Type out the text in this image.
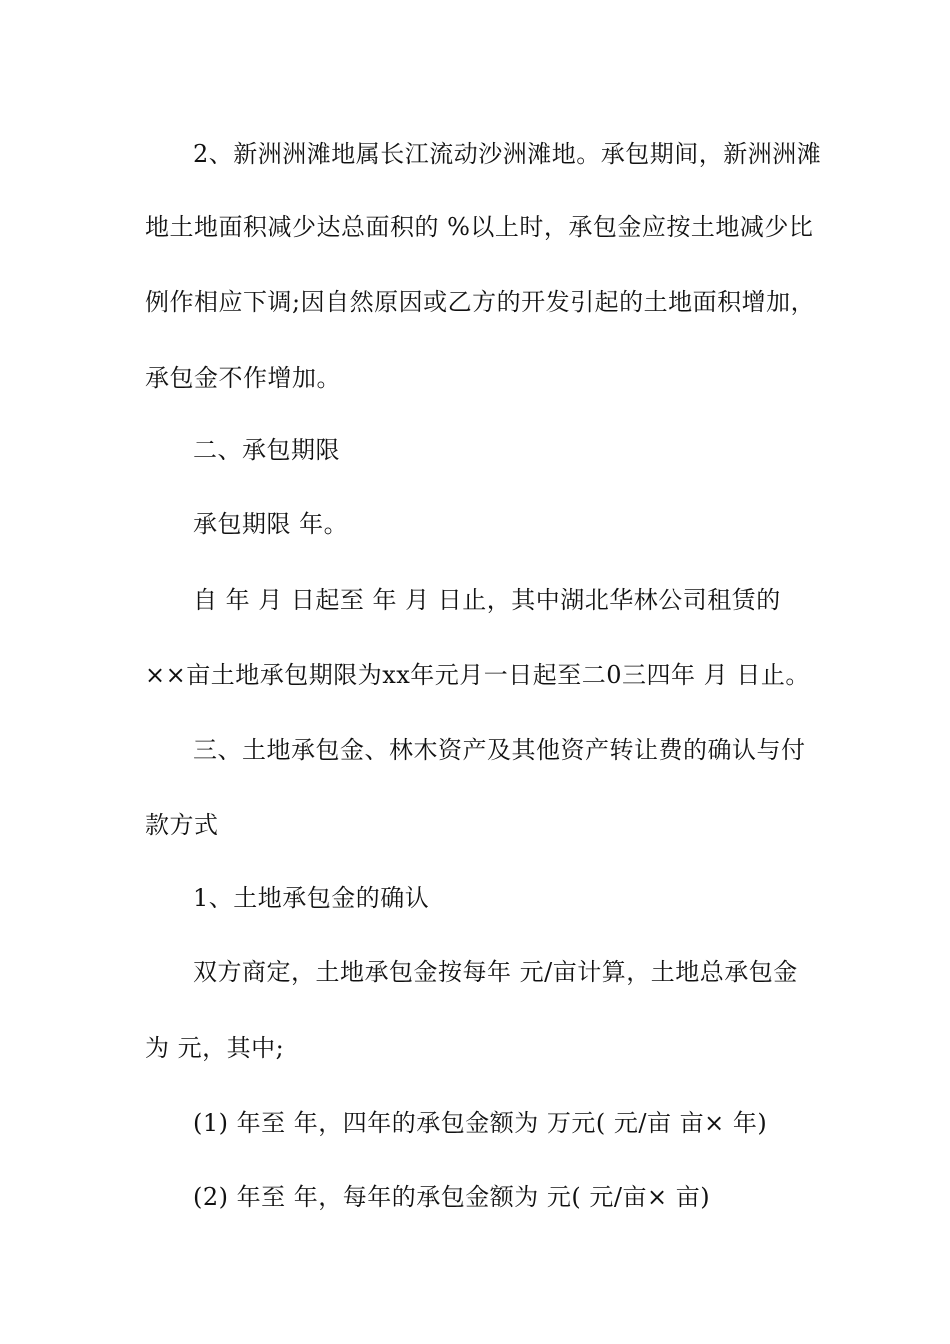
2、新洲洲滩地属长江流动沙洲滩地。承包期间，新洲洲滩
地土地面积减少达总面积的 %以上时，承包金应按土地减少比
例作相应下调;因自然原因或乙方的开发引起的土地面积增加，
承包金不作增加。
二、承包期限
承包期限 年。
自 年 月 日起至 年 月 日止，其中湖北华林公司租赁的
××亩土地承包期限为xx年元月一日起至二0三四年 月 日止。
三、土地承包金、林木资产及其他资产转让费的确认与付
款方式
1、土地承包金的确认
双方商定，土地承包金按每年 元/亩计算，土地总承包金
为 元，其中;
(1) 年至 年，四年的承包金额为 万元( 元/亩 亩× 年)
(2) 年至 年，每年的承包金额为 元( 元/亩× 亩)
